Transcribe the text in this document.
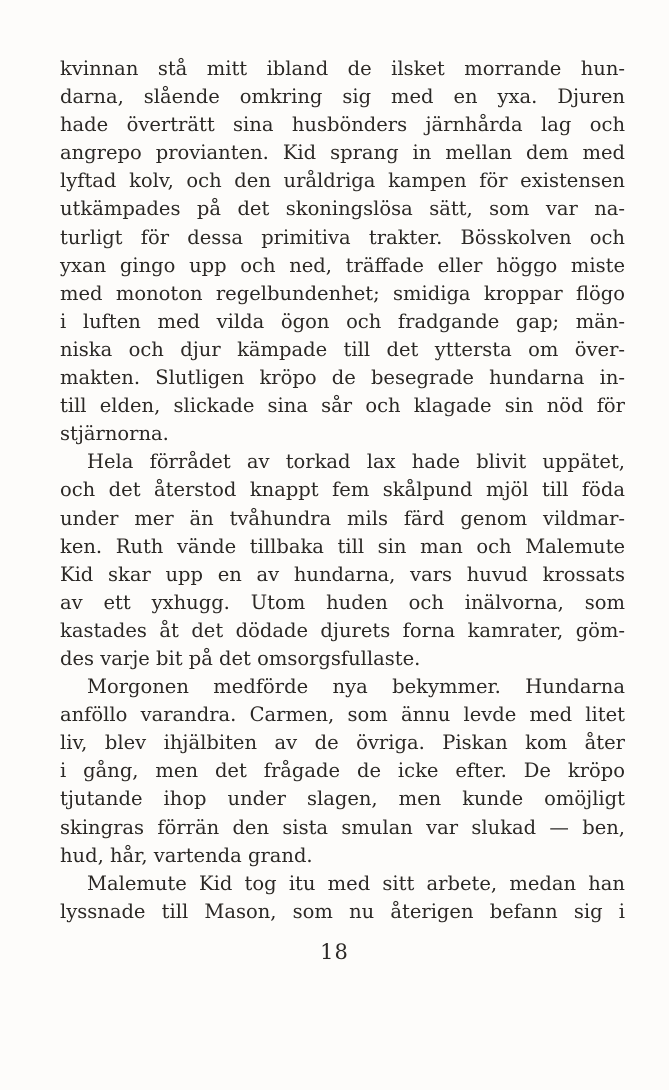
kvinnan stå mitt ibland de ilsket morrande hun-
darna, slående omkring sig med en yxa. Djuren
hade överträtt sina husbönders järnhårda lag och
angrepo provianten. Kid sprang in mellan dem med
lyftad kolv, och den uråldriga kampen för existensen
utkämpades på det skoningslösa sätt, som var na-
turligt för dessa primitiva trakter. Bösskolven och
yxan gingo upp och ned, träffade eller höggo miste
med monoton regelbundenhet; smidiga kroppar flögo
i luften med vilda ögon och fradgande gap; män-
niska och djur kämpade till det yttersta om över-
makten. Slutligen kröpo de besegrade hundarna in-
till elden, slickade sina sår och klagade sin nöd för
stjärnorna.
Hela förrådet av torkad lax hade blivit uppätet,
och det återstod knappt fem skålpund mjöl till föda
under mer än tvåhundra mils färd genom vildmar-
ken. Ruth vände tillbaka till sin man och Malemute
Kid skar upp en av hundarna, vars huvud krossats
av ett yxhugg. Utom huden och inälvorna, som
kastades åt det dödade djurets forna kamrater, göm-
des varje bit på det omsorgsfullaste.
Morgonen medförde nya bekymmer. Hundarna
anföllo varandra. Carmen, som ännu levde med litet
liv, blev ihjälbiten av de övriga. Piskan kom åter
i gång, men det frågade de icke efter. De kröpo
tjutande ihop under slagen, men kunde omöjligt
skingras förrän den sista smulan var slukad — ben,
hud, hår, vartenda grand.
Malemute Kid tog itu med sitt arbete, medan han
lyssnade till Mason, som nu återigen befann sig i
18
